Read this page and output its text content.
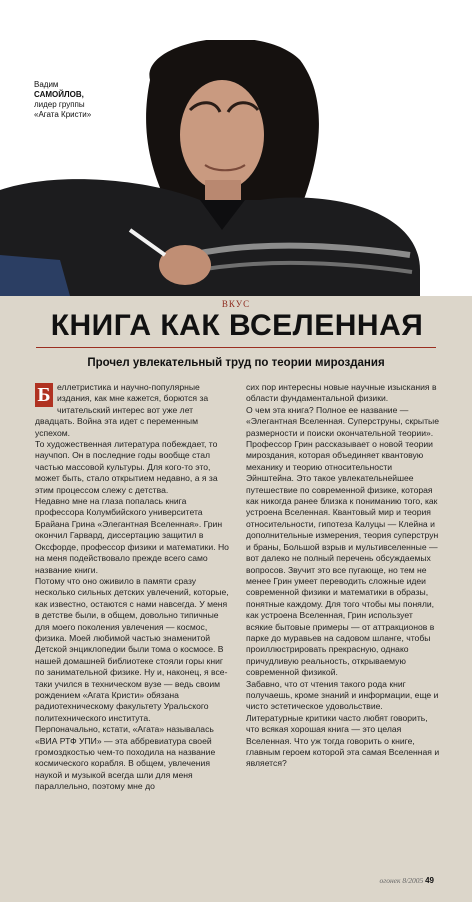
Вадим
САМОЙЛОВ,
лидер группы
«Агата Кристи»
ВКУС
КНИГА КАК ВСЕЛЕННАЯ
Прочел увлекательный труд по теории мироздания

Б еллетристика и научно-популярные издания, как мне кажется, борются за читательский интерес вот уже лет двадцать. Война эта идет с переменным успехом.

То художественная литература побеждает, то научпоп. Он в последние годы вообще стал частью массовой культуры. Для кого-то это, может быть, стало открытием недавно, а я за этим процессом слежу с детства.

Недавно мне на глаза попалась книга профессора Колумбийского университета Брайана Грина «Элегантная Вселенная». Грин окончил Гарвард, диссертацию защитил в Оксфорде, профессор физики и математики. Но на меня подействовало прежде всего само название книги.

Потому что оно оживило в памяти сразу несколько сильных детских увлечений, которые, как известно, остаются с нами навсегда. У меня в детстве были, в общем, довольно типичные для моего поколения увлечения — космос, физика. Моей любимой частью знаменитой Детской энциклопедии были тома о космосе. В нашей домашней библиотеке стояли горы книг по занимательной физике. Ну и, наконец, я все-таки учился в техническом вузе — ведь своим рождением «Агата Кристи» обязана радиотехническому факультету Уральского политехнического института.

Перпоначально, кстати, «Агата» называлась «ВИА РТФ УПИ» — эта аббревиатура своей громоздкостью чем-то походила на название космического корабля. В общем, увлечения наукой и музыкой всегда шли для меня параллельно, поэтому мне до

сих пор интересны новые научные изыскания в области фундаментальной физики.

О чем эта книга? Полное ее название — «Элегантная Вселенная. Суперструны, скрытые размерности и поиски окончательной теории». Профессор Грин рассказывает о новой теории мироздания, которая объединяет квантовую механику и теорию относительности Эйнштейна. Это такое увлекательнейшее путешествие по современной физике, которая как никогда ранее близка к пониманию того, как устроена Вселенная. Квантовый мир и теория относительности, гипотеза Калуцы — Клейна и дополнительные измерения, теория суперструн и браны, Большой взрыв и мультивселенные — вот далеко не полный перечень обсуждаемых вопросов. Звучит это все пугающе, но тем не менее Грин умеет переводить сложные идеи современной физики и математики в образы, понятные каждому. Для того чтобы мы поняли, как устроена Вселенная, Грин использует всякие бытовые примеры — от аттракционов в парке до муравьев на садовом шланге, чтобы проиллюстрировать прекрасную, однако причудливую реальность, открываемую современной физикой.

Забавно, что от чтения такого рода книг получаешь, кроме знаний и информации, еще и чисто эстетическое удовольствие. Литературные критики часто любят говорить, что всякая хорошая книга — это целая Вселенная. Что уж тогда говорить о книге, главным героем которой эта самая Вселенная и является?

огонек 8/2005 49
